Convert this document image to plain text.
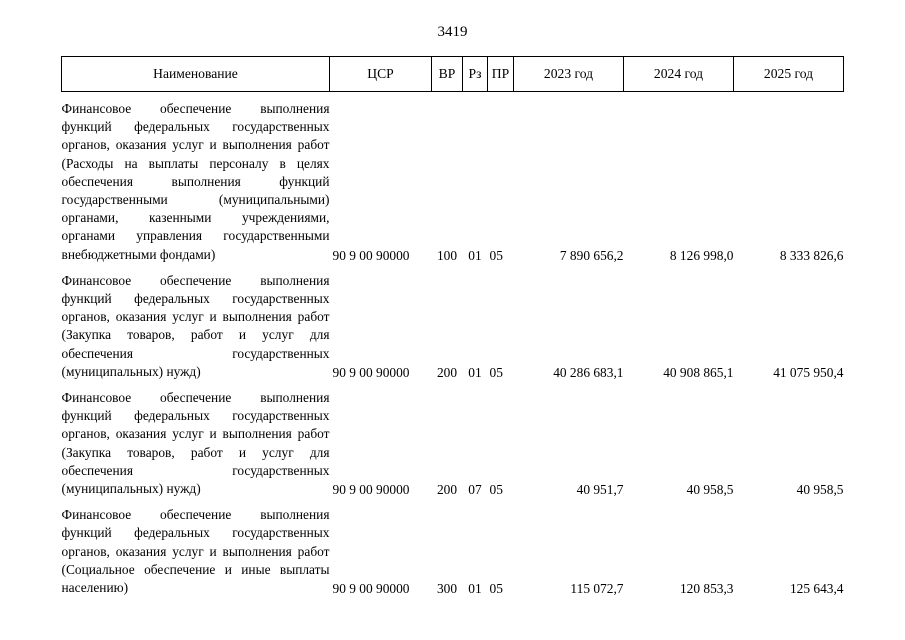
3419
Наименование	ЦСР	ВР	Рз	ПР	2023 год	2024 год	2025 год
Финансовое обеспечение выполнения функций федеральных государственных органов, оказания услуг и выполнения работ (Расходы на выплаты персоналу в целях обеспечения выполнения функций государственными (муниципальными) органами, казенными учреждениями, органами управления государственными внебюджетными фондами)	90 9 00 90000	100	01	05	7 890 656,2	8 126 998,0	8 333 826,6
Финансовое обеспечение выполнения функций федеральных государственных органов, оказания услуг и выполнения работ (Закупка товаров, работ и услуг для обеспечения государственных (муниципальных) нужд)	90 9 00 90000	200	01	05	40 286 683,1	40 908 865,1	41 075 950,4
Финансовое обеспечение выполнения функций федеральных государственных органов, оказания услуг и выполнения работ (Закупка товаров, работ и услуг для обеспечения государственных (муниципальных) нужд)	90 9 00 90000	200	07	05	40 951,7	40 958,5	40 958,5
Финансовое обеспечение выполнения функций федеральных государственных органов, оказания услуг и выполнения работ (Социальное обеспечение и иные выплаты населению)	90 9 00 90000	300	01	05	115 072,7	120 853,3	125 643,4
